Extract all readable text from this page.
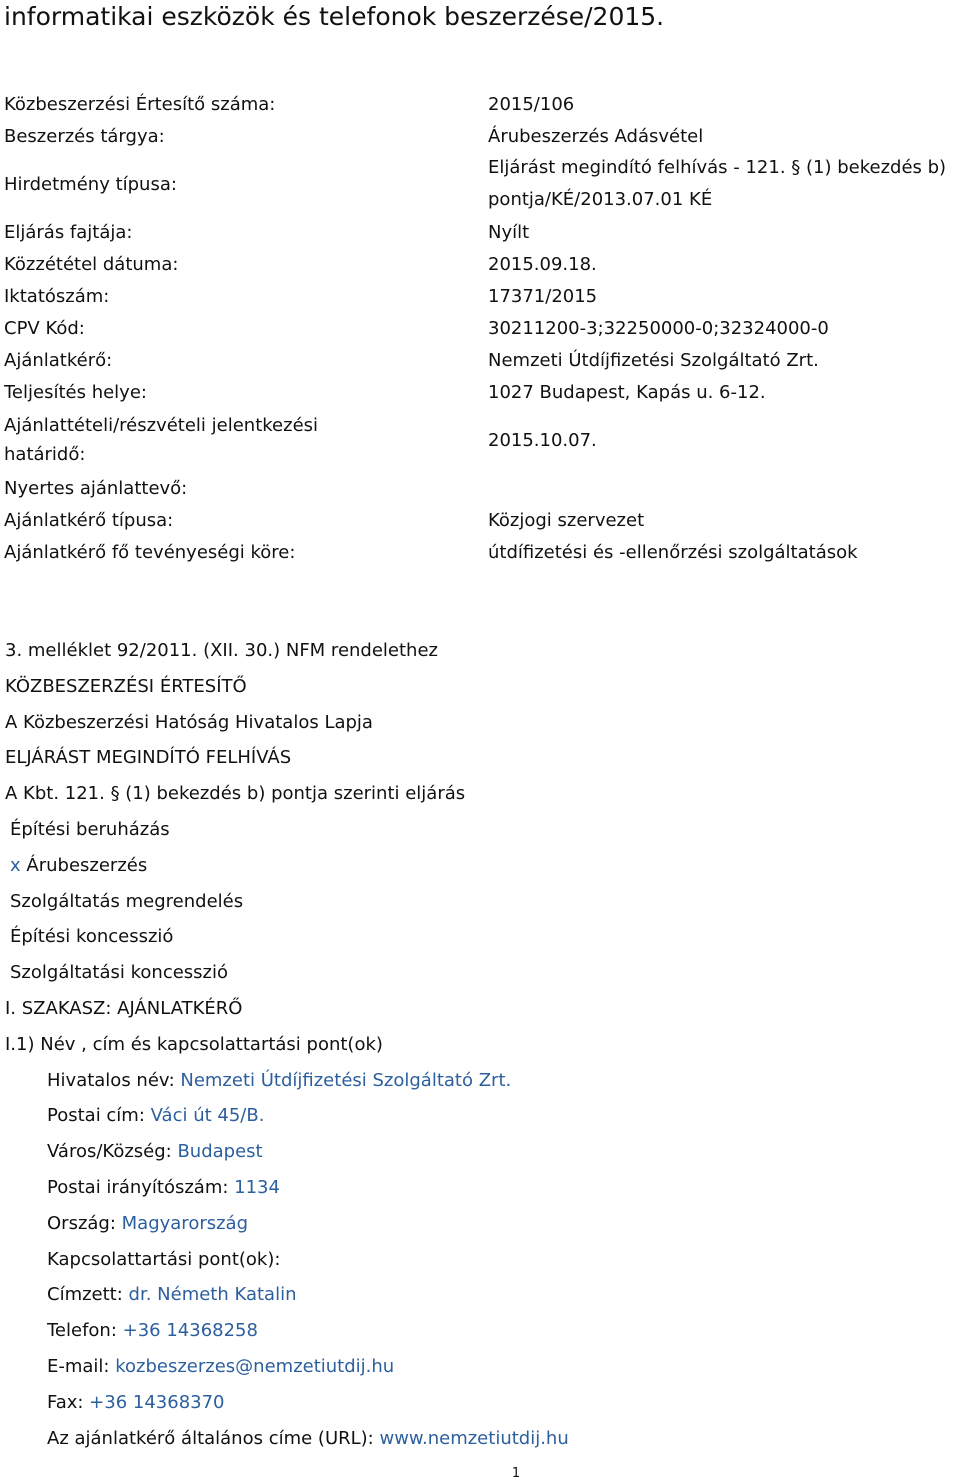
informatikai eszközök és telefonok beszerzése/2015.
Közbeszerzési Értesítő száma:	2015/106
Beszerzés tárgya:	Árubeszerzés Adásvétel
Hirdetmény típusa:	Eljárást megindító felhívás - 121. § (1) bekezdés b)
pontja/KÉ/2013.07.01 KÉ

Eljárás fajtája:	Nyílt
Közzététel dátuma:	2015.09.18.
Iktatószám:	17371/2015
CPV Kód:	30211200-3;32250000-0;32324000-0
Ajánlatkérő:	Nemzeti Útdíjfizetési Szolgáltató Zrt.
Teljesítés helye:	1027 Budapest, Kapás u. 6-12.

Ajánlattételi/részvételi jelentkezési
határidő:	2015.10.07.
Nyertes ajánlattevő:	
Ajánlatkérő típusa:	Közjogi szervezet
Ajánlatkérő fő tevényeségi köre:	útdífizetési és -ellenőrzési szolgáltatások
3. melléklet 92/2011. (XII. 30.) NFM rendelethez
KÖZBESZERZÉSI ÉRTESÍTŐ
A Közbeszerzési Hatóság Hivatalos Lapja
ELJÁRÁST MEGINDÍTÓ FELHÍVÁS
A Kbt. 121. § (1) bekezdés b) pontja szerinti eljárás
Építési beruházás
x Árubeszerzés
Szolgáltatás megrendelés
Építési koncesszió
Szolgáltatási koncesszió
I. SZAKASZ: AJÁNLATKÉRŐ
I.1) Név , cím és kapcsolattartási pont(ok)
Hivatalos név: Nemzeti Útdíjfizetési Szolgáltató Zrt.
Postai cím: Váci út 45/B.
Város/Község: Budapest
Postai irányítószám: 1134
Ország: Magyarország
Kapcsolattartási pont(ok):
Címzett: dr. Németh Katalin
Telefon: +36 14368258
E-mail: kozbeszerzes@nemzetiutdij.hu
Fax: +36 14368370
Az ajánlatkérő általános címe (URL): www.nemzetiutdij.hu
1
